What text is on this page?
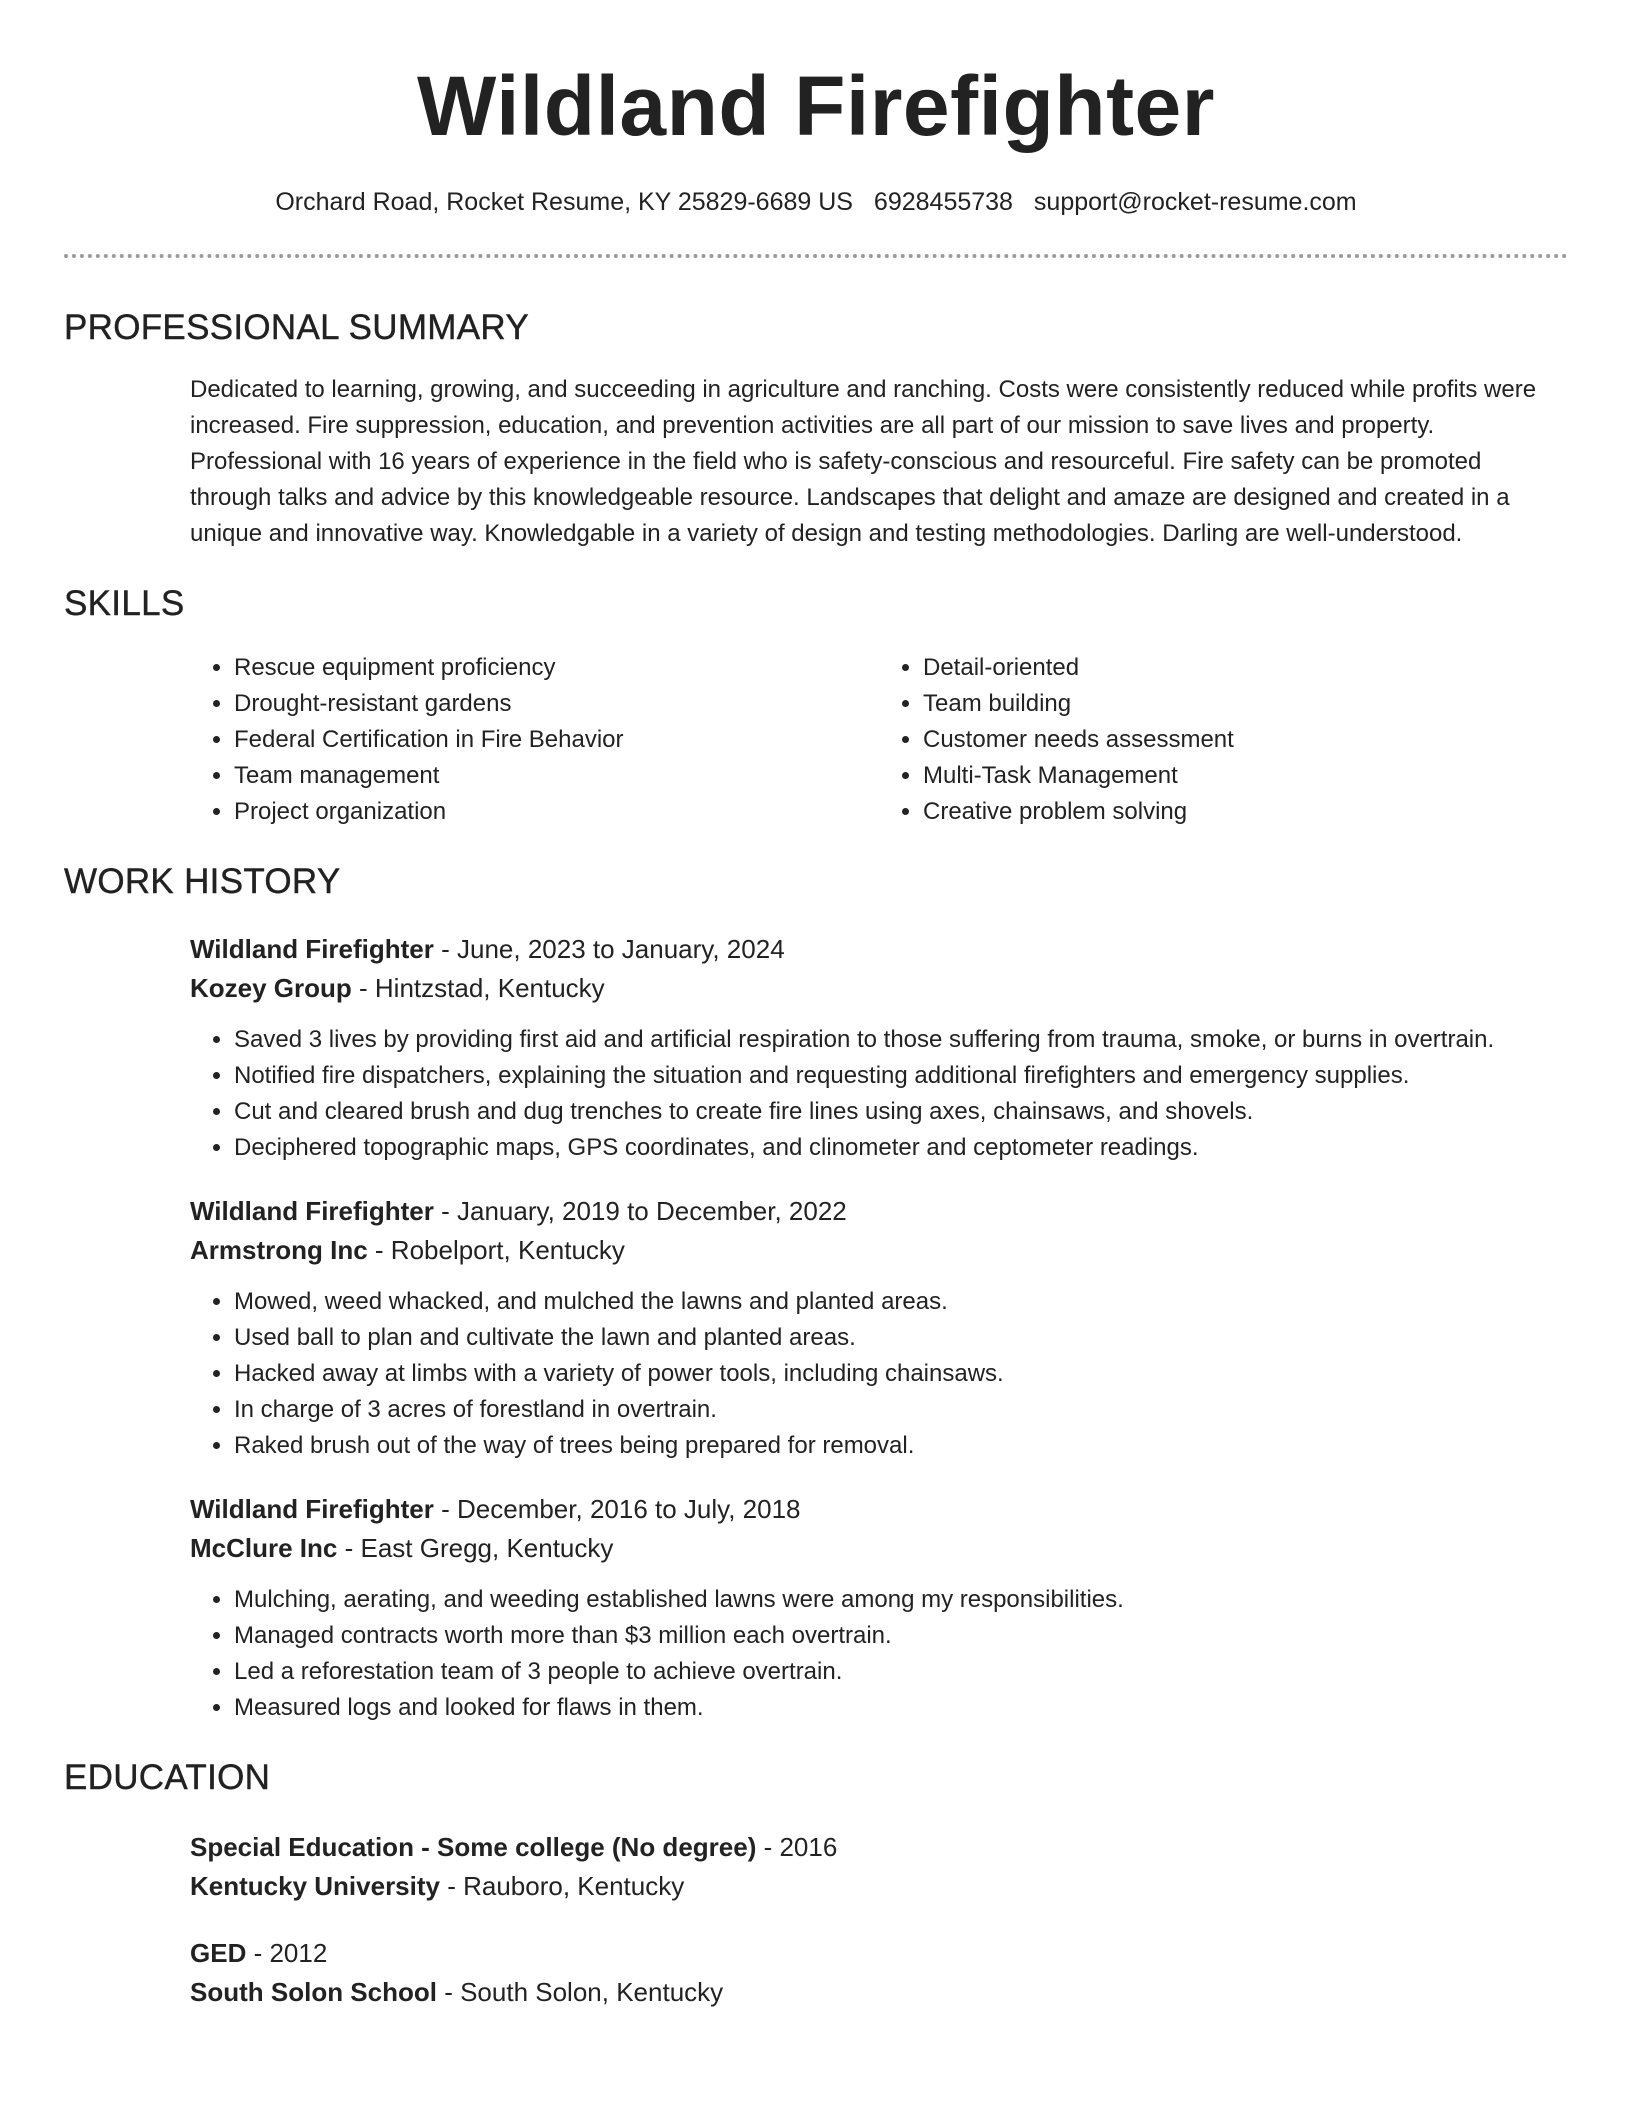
Wildland Firefighter
Orchard Road, Rocket Resume, KY 25829-6689 US 6928455738 support@rocket-resume.com
PROFESSIONAL SUMMARY
Dedicated to learning, growing, and succeeding in agriculture and ranching. Costs were consistently reduced while profits were increased. Fire suppression, education, and prevention activities are all part of our mission to save lives and property. Professional with 16 years of experience in the field who is safety-conscious and resourceful. Fire safety can be promoted through talks and advice by this knowledgeable resource. Landscapes that delight and amaze are designed and created in a unique and innovative way. Knowledgable in a variety of design and testing methodologies. Darling are well-understood.
SKILLS
• Rescue equipment proficiency
• Drought-resistant gardens
• Federal Certification in Fire Behavior
• Team management
• Project organization
• Detail-oriented
• Team building
• Customer needs assessment
• Multi-Task Management
• Creative problem solving
WORK HISTORY
Wildland Firefighter - June, 2023 to January, 2024
Kozey Group - Hintzstad, Kentucky
• Saved 3 lives by providing first aid and artificial respiration to those suffering from trauma, smoke, or burns in overtrain.
• Notified fire dispatchers, explaining the situation and requesting additional firefighters and emergency supplies.
• Cut and cleared brush and dug trenches to create fire lines using axes, chainsaws, and shovels.
• Deciphered topographic maps, GPS coordinates, and clinometer and ceptometer readings.
Wildland Firefighter - January, 2019 to December, 2022
Armstrong Inc - Robelport, Kentucky
• Mowed, weed whacked, and mulched the lawns and planted areas.
• Used ball to plan and cultivate the lawn and planted areas.
• Hacked away at limbs with a variety of power tools, including chainsaws.
• In charge of 3 acres of forestland in overtrain.
• Raked brush out of the way of trees being prepared for removal.
Wildland Firefighter - December, 2016 to July, 2018
McClure Inc - East Gregg, Kentucky
• Mulching, aerating, and weeding established lawns were among my responsibilities.
• Managed contracts worth more than $3 million each overtrain.
• Led a reforestation team of 3 people to achieve overtrain.
• Measured logs and looked for flaws in them.
EDUCATION
Special Education - Some college (No degree) - 2016
Kentucky University - Rauboro, Kentucky
GED - 2012
South Solon School - South Solon, Kentucky
